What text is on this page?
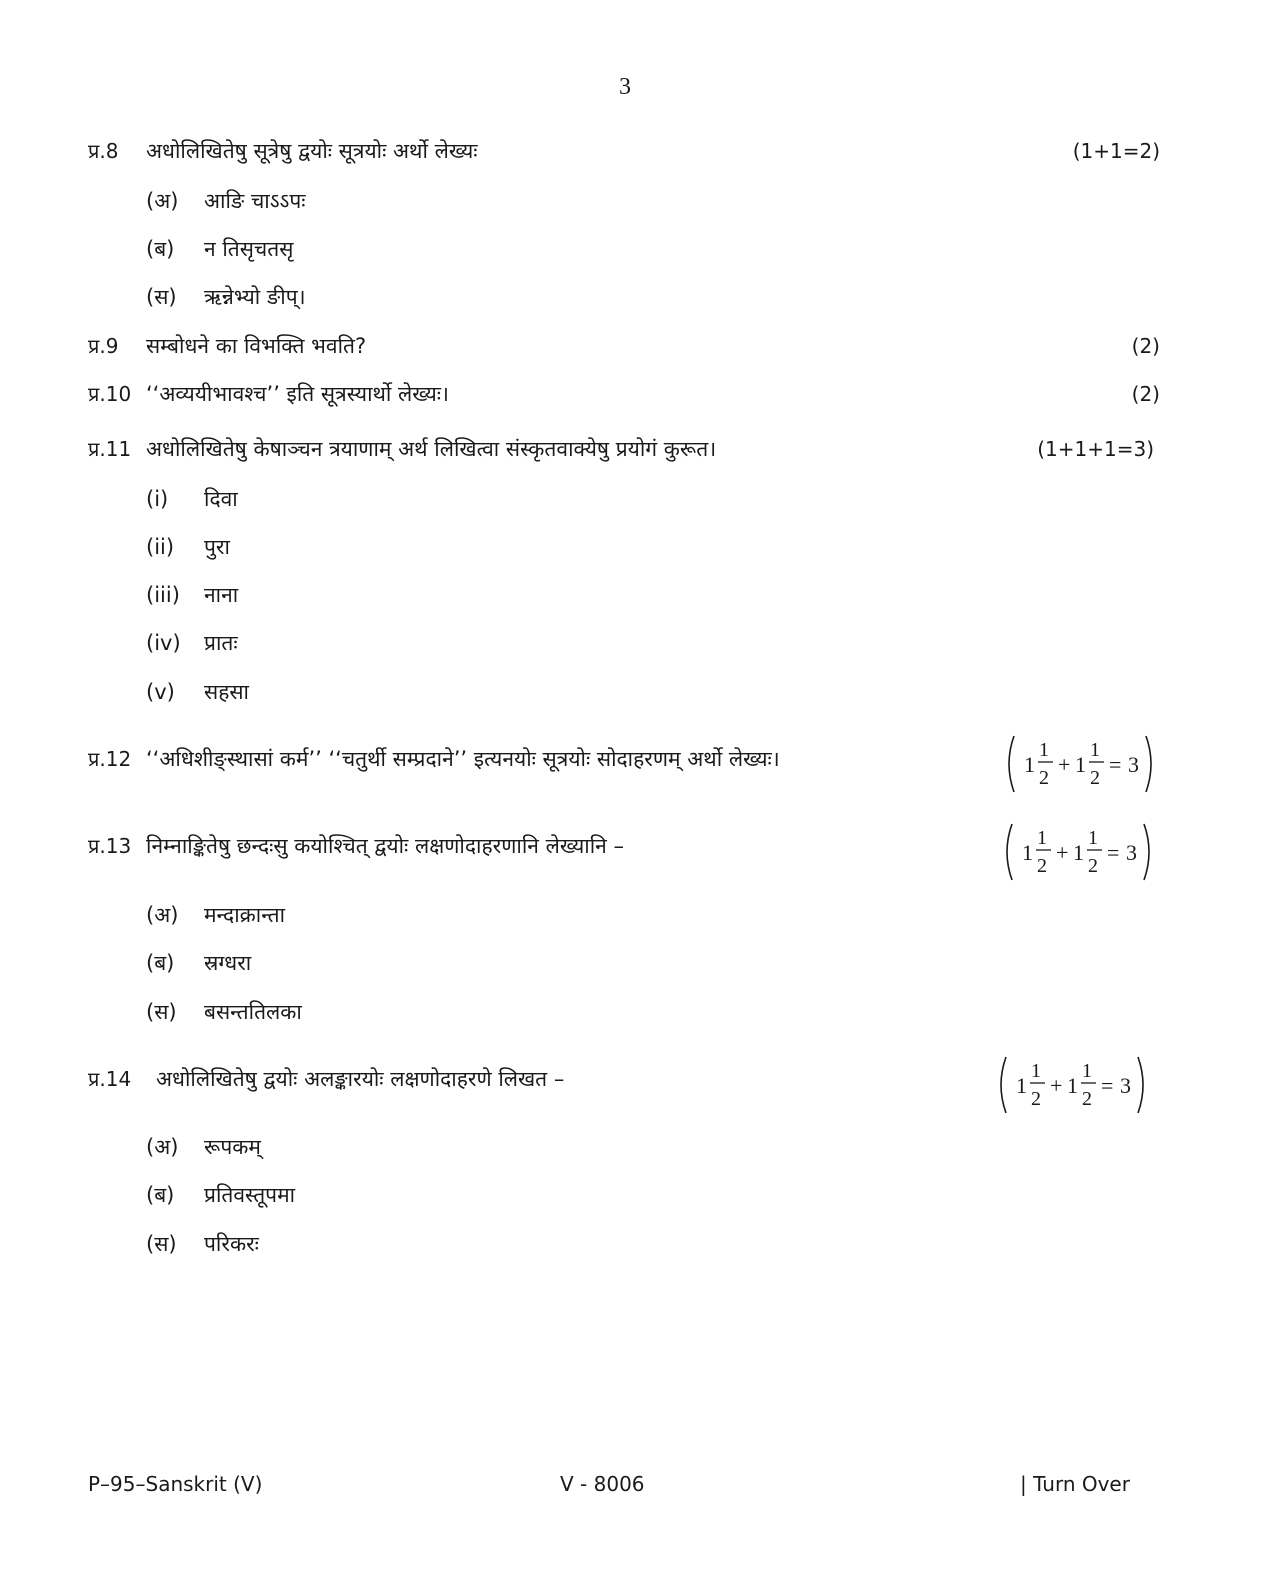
3
प्र.8 अधोलिखितेषु सूत्रेषु द्वयोः सूत्रयोः अर्थो लेख्यः	(1+1=2)
(अ) आङि चाऽऽपः
(ब) न तिसृचतसृ
(स) ऋन्नेभ्यो ङीप्।
प्र.9 सम्बोधने का विभक्ति भवति?	(2)
प्र.10 ‘‘अव्ययीभावश्च’’ इति सूत्रस्यार्थो लेख्यः।	(2)
प्र.11 अधोलिखितेषु केषाञ्चन त्रयाणाम् अर्थ लिखित्वा संस्कृतवाक्येषु प्रयोगं कुरूत।	(1+1+1=3)
(i) दिवा
(ii) पुरा
(iii) नाना
(iv) प्रातः
(v) सहसा
प्र.12 ‘‘अधिशीङ्स्थासां कर्म’’ ‘‘चतुर्थी सम्प्रदाने’’ इत्यनयोः सूत्रयोः सोदाहरणम् अर्थो लेख्यः।	1
1
2
+ 1
1
2
= 3
प्र.13 निम्नाङ्कितेषु छन्दःसु कयोश्चित् द्वयोः लक्षणोदाहरणानि लेख्यानि –	1
1
2
+ 1
1
2
= 3
(अ) मन्दाक्रान्ता
(ब) स्रग्धरा
(स) बसन्ततिलका
प्र.14 अधोलिखितेषु द्वयोः अलङ्कारयोः लक्षणोदाहरणे लिखत –	1
1
2
+ 1
1
2
= 3
(अ) रूपकम्
(ब) प्रतिवस्तूपमा
(स) परिकरः
P–95–Sanskrit (V)	V - 8006	| Turn Over
